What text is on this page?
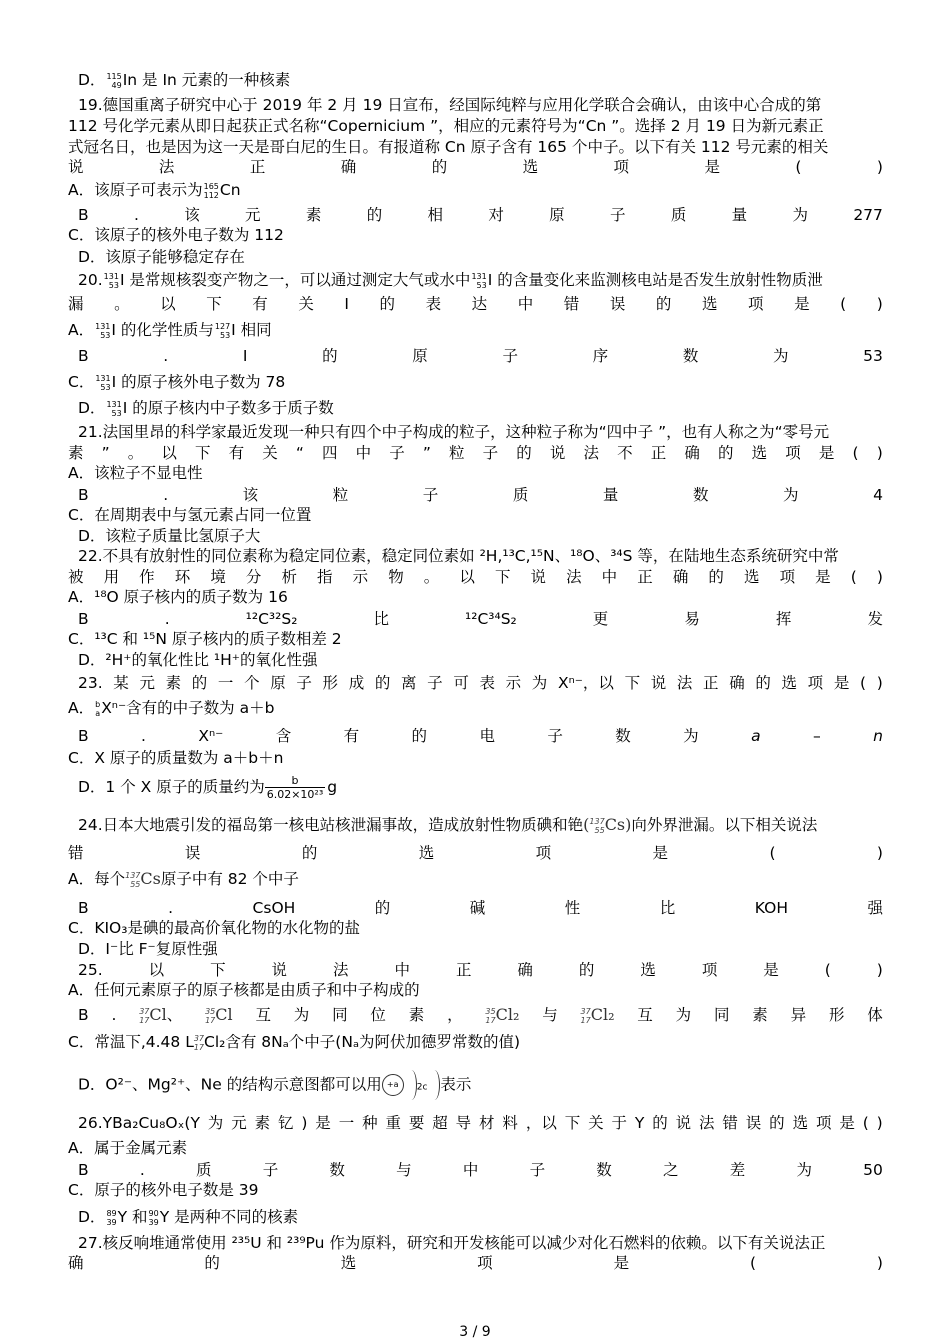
D． 115
49 In 是 In 元素的一种核素
19.德国重离子研究中心于 2019 年 2 月 19 日宣布，经国际纯粹与应用化学联合会确认，由该中心合成的第
112 号化学元素从即日起获正式名称“Copernicium ”，相应的元素符号为“Cn ”。选择 2 月 19 日为新元素正
式冠名日，也是因为这一天是哥白尼的生日。有报道称 Cn 原子含有 165 个中子。以下有关 112 号元素的相关
说	法	正	确	的	选	项	是	(	)
A．该原子可表示为 165
112 Cn
B	.	该	元	素	的	相	对	原	子	质	量	为	277
C．该原子的核外电子数为 112
D．该原子能够稳定存在
20. 131
53 I 是常规核裂变产物之一，可以通过测定大气或水中 131
53 I 的含量变化来监测核电站是否发生放射性物质泄
漏 。 以 下 有 关 I 的 表 达 中 错 误 的 选 项 是 ( )
A． 131
53 I 的化学性质与 127
53 I 相同
B	.	I	的	原	子	序	数	为	53
C． 131
53 I 的原子核外电子数为 78
D． 131
53 I 的原子核内中子数多于质子数
21.法国里昂的科学家最近发现一种只有四个中子构成的粒子，这种粒子称为“四中子 ”，也有人称之为“零号元
素 ” 。 以 下 有 关 “ 四 中 子 ” 粒 子 的 说 法 不 正 确 的 选 项 是 ( )
A．该粒子不显电性
B	.	该	粒	子	质	量	数	为	4
C．在周期表中与氢元素占同一位置
D．该粒子质量比氢原子大
22.不具有放射性的同位素称为稳定同位素，稳定同位素如 ²H,¹³C,¹⁵N、¹⁸O、³⁴S 等，在陆地生态系统研究中常
被 用 作 环 境 分 析 指 示 物 。 以 下 说 法 中 正 确 的 选 项 是 ( )
A．¹⁸O 原子核内的质子数为 16
B	.	¹²C³²S₂	比	¹²C³⁴S₂	更	易	挥	发
C．¹³C 和 ¹⁵N 原子核内的质子数相差 2
D．²H⁺的氧化性比 ¹H⁺的氧化性强
23. 某 元 素 的 一 个 原 子 形 成 的 离 子 可 表 示 为 Xⁿ⁻，以 下 说 法 正 确 的 选 项 是 ( )
A． b
a Xⁿ⁻含有的中子数为 a＋b
B	.	Xⁿ⁻	含	有	的	电	子	数	为	a	–	n
C．X 原子的质量数为 a＋b＋n
D．1 个 X 原子的质量约为 $\frac{b}{\text{6.02×10²³}}$ g
24.日本大地震引发的福岛第一核电站核泄漏事故，造成放射性物质碘和铯( 137
55 Cs)向外界泄漏。以下相关说法
错	误	的	选	项	是	(	)
A．每个 137
55 Cs原子中有 82 个中子
B	.	CsOH	的	碱	性	比	KOH	强
C．KIO₃是碘的最高价氧化物的水化物的盐
D．I⁻比 F⁻复原性强
25.	以	下	说	法	中	正	确	的	选	项	是	(	)
A．任何元素原子的原子核都是由质子和中子构成的
B .	37
17 Cl、	35
17 Cl 互 为 同 位 素 ，	35
17 Cl₂ 与	37
17 Cl₂ 互 为 同 素 异 形 体
C．常温下,4.48 L 37
17 Cl₂含有 8Nₐ个中子(Nₐ为阿伏加德罗常数的值)
D．O²⁻、Mg²⁺、Ne 的结构示意图都可以用 +a 2c 表示
26.YBa₂Cu₈Oₓ(Y 为 元 素 钇 ) 是 一 种 重 要 超 导 材 料 ，以 下 关 于 Y 的 说 法 错 误 的 选 项 是 ( )
A．属于金属元素
B	.	质	子	数	与	中	子	数	之	差	为	50
C．原子的核外电子数是 39
D． 89
39 Y 和 90
39 Y 是两种不同的核素
27.核反响堆通常使用 ²³⁵U 和 ²³⁹Pu 作为原料，研究和开发核能可以减少对化石燃料的依赖。以下有关说法正
确	的	选	项	是	(	)
3 / 9
